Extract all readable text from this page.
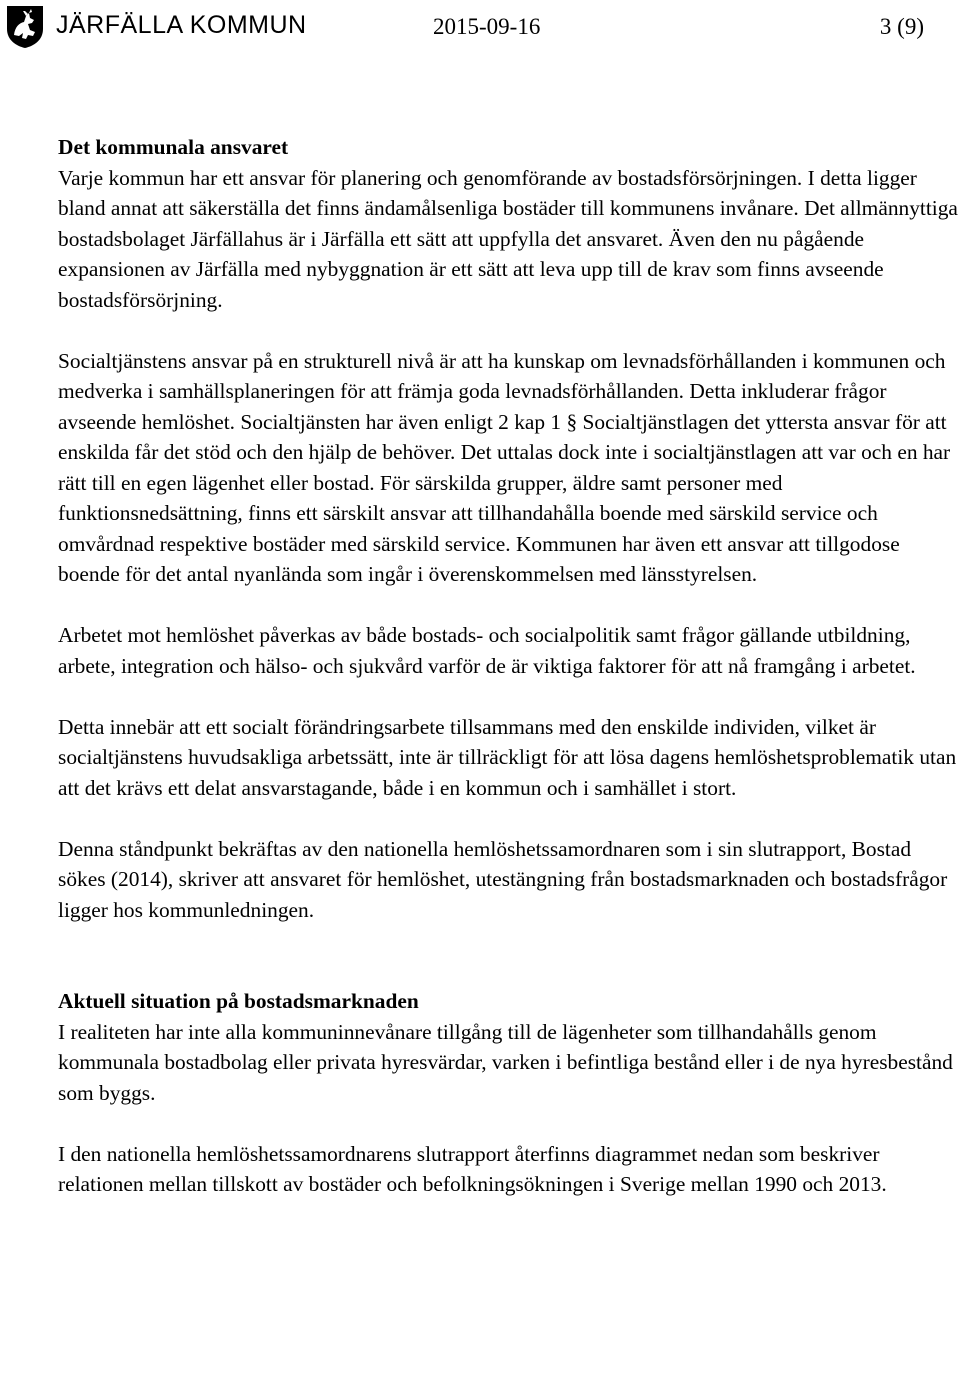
JÄRFÄLLA KOMMUN	2015-09-16	3 (9)
Det kommunala ansvaret

Varje kommun har ett ansvar för planering och genomförande av bostadsförsörjningen. I detta ligger bland annat att säkerställa det finns ändamålsenliga bostäder till kommunens invånare. Det allmännyttiga bostadsbolaget Järfällahus är i Järfälla ett sätt att uppfylla det ansvaret. Även den nu pågående expansionen av Järfälla med nybyggnation är ett sätt att leva upp till de krav som finns avseende bostadsförsörjning.

Socialtjänstens ansvar på en strukturell nivå är att ha kunskap om levnadsförhållanden i kommunen och medverka i samhällsplaneringen för att främja goda levnadsförhållanden. Detta inkluderar frågor avseende hemlöshet. Socialtjänsten har även enligt 2 kap 1 § Socialtjänstlagen det yttersta ansvar för att enskilda får det stöd och den hjälp de behöver. Det uttalas dock inte i socialtjänstlagen att var och en har rätt till en egen lägenhet eller bostad. För särskilda grupper, äldre samt personer med funktionsnedsättning, finns ett särskilt ansvar att tillhandahålla boende med särskild service och omvårdnad respektive bostäder med särskild service. Kommunen har även ett ansvar att tillgodose boende för det antal nyanlända som ingår i överenskommelsen med länsstyrelsen.

Arbetet mot hemlöshet påverkas av både bostads- och socialpolitik samt frågor gällande utbildning, arbete, integration och hälso- och sjukvård varför de är viktiga faktorer för att nå framgång i arbetet.

Detta innebär att ett socialt förändringsarbete tillsammans med den enskilde individen, vilket är socialtjänstens huvudsakliga arbetssätt, inte är tillräckligt för att lösa dagens hemlöshetsproblematik utan att det krävs ett delat ansvarstagande, både i en kommun och i samhället i stort.

Denna ståndpunkt bekräftas av den nationella hemlöshetssamordnaren som i sin slutrapport, Bostad sökes (2014), skriver att ansvaret för hemlöshet, utestängning från bostadsmarknaden och bostadsfrågor ligger hos kommunledningen.

Aktuell situation på bostadsmarknaden

I realiteten har inte alla kommuninnevånare tillgång till de lägenheter som tillhandahålls genom kommunala bostadbolag eller privata hyresvärdar, varken i befintliga bestånd eller i de nya hyresbestånd som byggs.

I den nationella hemlöshetssamordnarens slutrapport återfinns diagrammet nedan som beskriver relationen mellan tillskott av bostäder och befolkningsökningen i Sverige mellan 1990 och 2013.
